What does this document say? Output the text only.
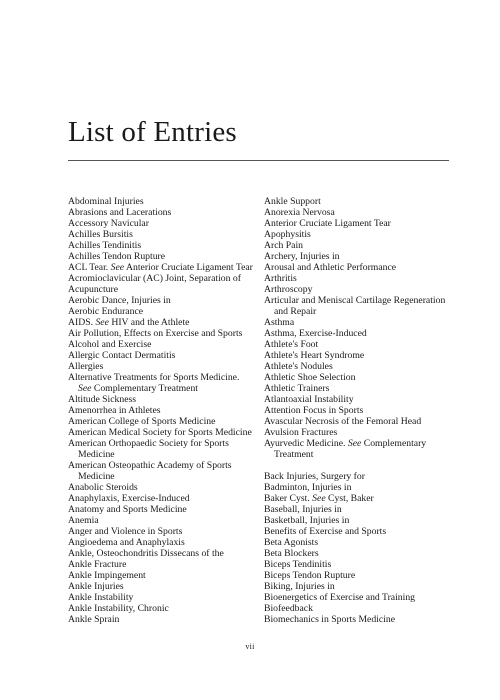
List of Entries

Abdominal Injuries

Abrasions and Lacerations

Accessory Navicular

Achilles Bursitis

Achilles Tendinitis

Achilles Tendon Rupture

ACL Tear. See Anterior Cruciate Ligament Tear

Acromioclavicular (AC) Joint, Separation of

Acupuncture

Aerobic Dance, Injuries in

Aerobic Endurance

AIDS. See HIV and the Athlete

Air Pollution, Effects on Exercise and Sports

Alcohol and Exercise

Allergic Contact Dermatitis

Allergies

Alternative Treatments for Sports Medicine. See Complementary Treatment

Altitude Sickness

Amenorrhea in Athletes

American College of Sports Medicine

American Medical Society for Sports Medicine

American Orthopaedic Society for Sports Medicine

American Osteopathic Academy of Sports Medicine

Anabolic Steroids

Anaphylaxis, Exercise-Induced

Anatomy and Sports Medicine

Anemia

Anger and Violence in Sports

Angioedema and Anaphylaxis

Ankle, Osteochondritis Dissecans of the

Ankle Fracture

Ankle Impingement

Ankle Injuries

Ankle Instability

Ankle Instability, Chronic

Ankle Sprain

Ankle Support

Anorexia Nervosa

Anterior Cruciate Ligament Tear

Apophysitis

Arch Pain

Archery, Injuries in

Arousal and Athletic Performance

Arthritis

Arthroscopy

Articular and Meniscal Cartilage Regeneration and Repair

Asthma

Asthma, Exercise-Induced

Athlete's Foot

Athlete's Heart Syndrome

Athlete's Nodules

Athletic Shoe Selection

Athletic Trainers

Atlantoaxial Instability

Attention Focus in Sports

Avascular Necrosis of the Femoral Head

Avulsion Fractures

Ayurvedic Medicine. See Complementary Treatment

Back Injuries, Surgery for

Badminton, Injuries in

Baker Cyst. See Cyst, Baker

Baseball, Injuries in

Basketball, Injuries in

Benefits of Exercise and Sports

Beta Agonists

Beta Blockers

Biceps Tendinitis

Biceps Tendon Rupture

Biking, Injuries in

Bioenergetics of Exercise and Training

Biofeedback

Biomechanics in Sports Medicine

vii
